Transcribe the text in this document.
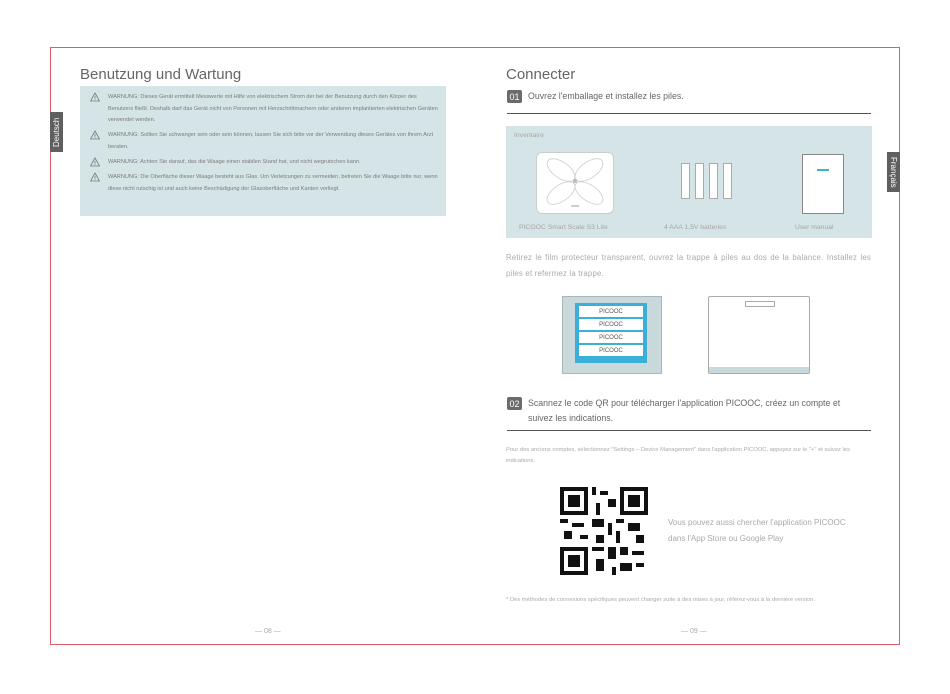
Deutsch
Benutzung und Wartung
WARNUNG: Dieses Gerät ermittelt Messwerte mit Hilfe von elektrischem Strom der bei der Benutzung durch den Körper des Benutzers fließt. Deshalb darf das Gerät nicht von Personen mit Herzschrittmachern oder anderen implantierten elektrischen Geräten verwendet werden.
WARNUNG: Sollten Sie schwanger sein oder sein können, lassen Sie sich bitte vor der Verwendung dieses Gerätes von Ihrem Arzt beraten.
WARNUNG: Achten Sie darauf, das die Waage einen stabilen Stand hat, und nicht wegrutschen kann.
WARNUNG: Die Oberfläche dieser Waage besteht aus Glas. Um Verletzungen zu vermeiden, betreten Sie die Waage bitte nur, wenn diese nicht rutschig ist und auch keine Beschädigung der Glasoberfläche und Kanten vorliegt.
— 08 —
Français
Connecter
01 Ouvrez l'emballage et installez les piles.
Inventaire
PICOOC Smart Scale S3 Lite	4 AAA 1.5V batteries	User manual
Retirez le film protecteur transparent, ouvrez la trappe à piles au dos de la balance. Installez les piles et refermez la trappe.
PICOOC
PICOOC
PICOOC
PICOOC
02 Scannez le code QR pour télécharger l'application PICOOC, créez un compte et suivez les indications.
Pour des anciens comptes, sélectionnez "Settings – Device Management" dans l'application PICOOC, appuyez sur le "+" et suivez les indications.
Vous pouvez aussi chercher l'application PICOOC dans l'App Store ou Google Play
* Des méthodes de connexions spécifiques peuvent changer suite à des mises à jour, référez-vous à la dernière version.
— 09 —
